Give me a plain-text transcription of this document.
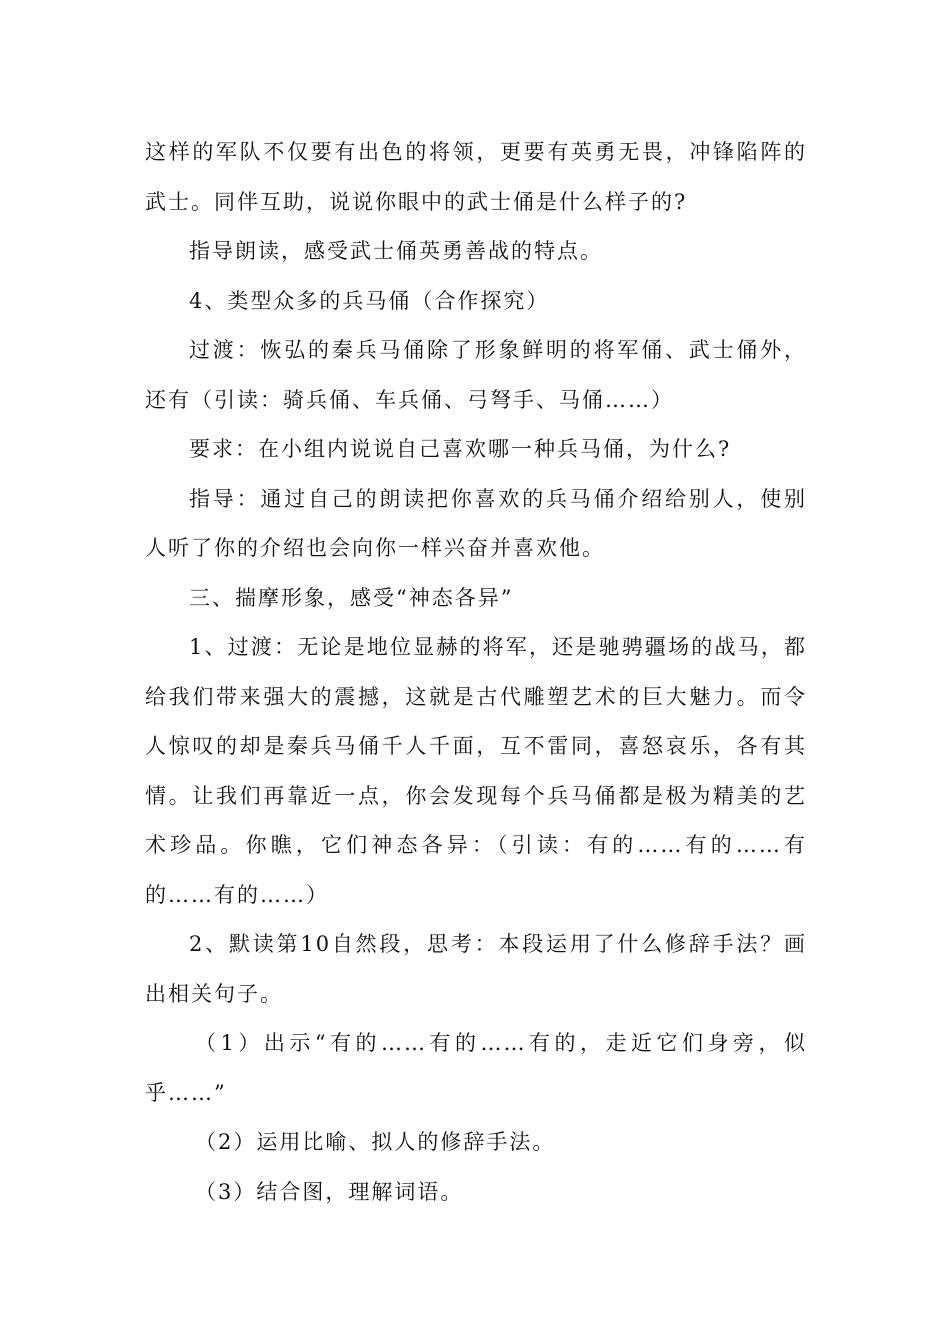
这样的军队不仅要有出色的将领，更要有英勇无畏，冲锋陷阵的武士。同伴互助，说说你眼中的武士俑是什么样子的?

指导朗读，感受武士俑英勇善战的特点。

4、类型众多的兵马俑（合作探究）

过渡：恢弘的秦兵马俑除了形象鲜明的将军俑、武士俑外，还有（引读：骑兵俑、车兵俑、弓弩手、马俑……）

要求：在小组内说说自己喜欢哪一种兵马俑，为什么?

指导：通过自己的朗读把你喜欢的兵马俑介绍给别人，使别人听了你的介绍也会向你一样兴奋并喜欢他。

三、揣摩形象，感受“神态各异”

1、过渡：无论是地位显赫的将军，还是驰骋疆场的战马，都给我们带来强大的震撼，这就是古代雕塑艺术的巨大魅力。而令人惊叹的却是秦兵马俑千人千面，互不雷同，喜怒哀乐，各有其情。让我们再靠近一点，你会发现每个兵马俑都是极为精美的艺术珍品。你瞧，它们神态各异：（引读：有的……有的……有的……有的……）

2、默读第10自然段，思考：本段运用了什么修辞手法？画出相关句子。

（1）出示“有的……有的……有的，走近它们身旁，似乎……”

（2）运用比喻、拟人的修辞手法。

（3）结合图，理解词语。
